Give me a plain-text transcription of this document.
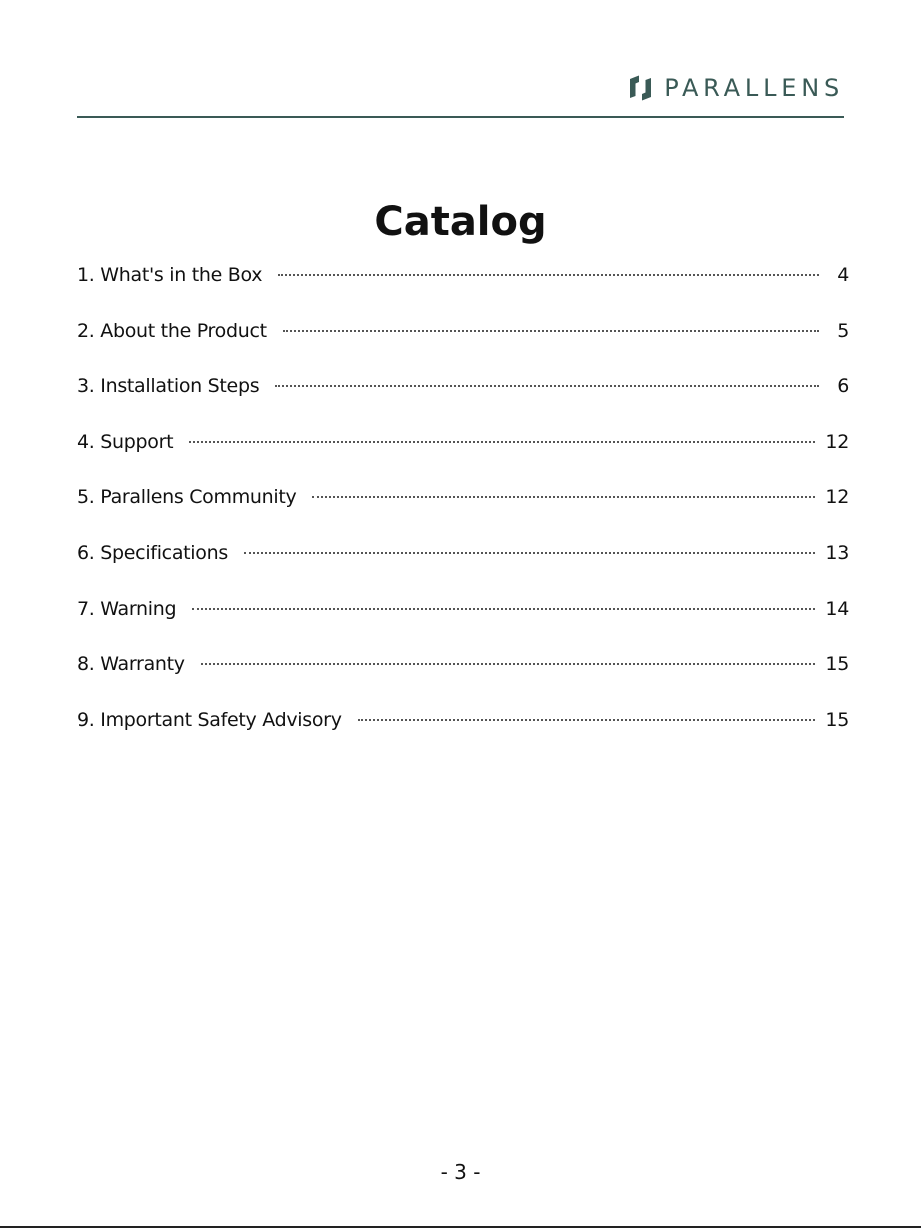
PARALLENS
Catalog
1. What's in the Box	4
2. About the Product	5
3. Installation Steps	6
4. Support	12
5. Parallens Community	12
6. Specifications	13
7. Warning	14
8. Warranty	15
9. Important Safety Advisory	15
- 3 -
